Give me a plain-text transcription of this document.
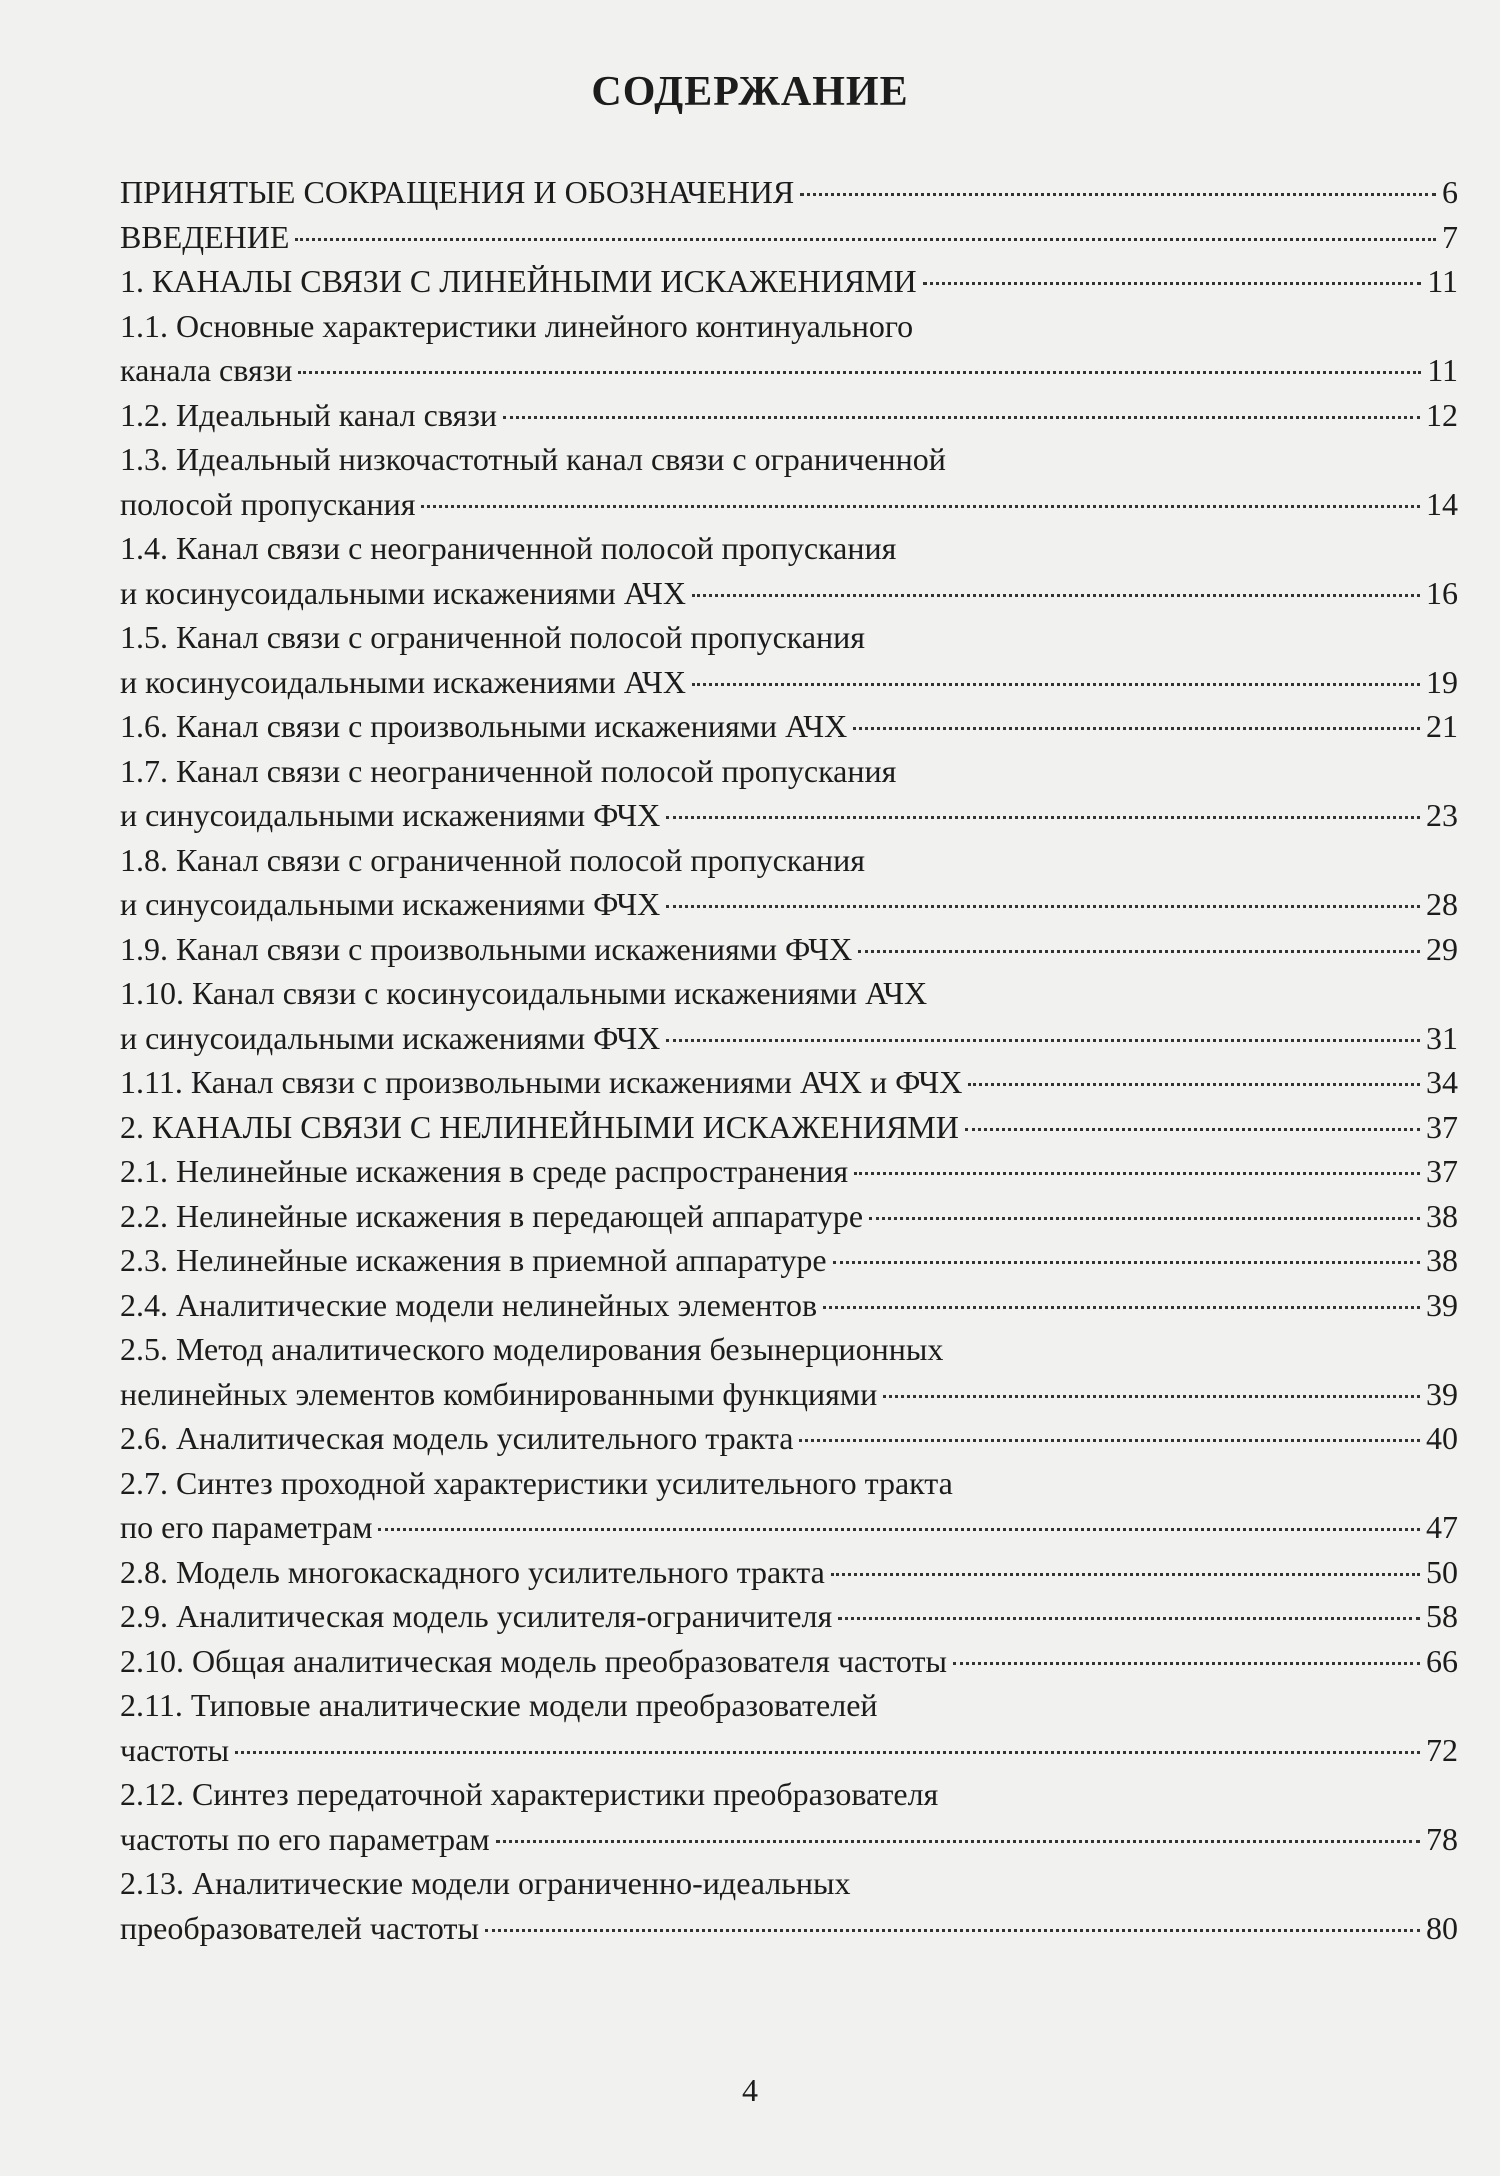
СОДЕРЖАНИЕ
ПРИНЯТЫЕ СОКРАЩЕНИЯ И ОБОЗНАЧЕНИЯ	6
ВВЕДЕНИЕ	7
1. КАНАЛЫ СВЯЗИ С ЛИНЕЙНЫМИ ИСКАЖЕНИЯМИ	11
1.1. Основные характеристики линейного континуального
канала связи	11
1.2. Идеальный канал связи	12
1.3. Идеальный низкочастотный канал связи с ограниченной
полосой пропускания	14
1.4. Канал связи с неограниченной полосой пропускания
и косинусоидальными искажениями АЧХ	16
1.5. Канал связи с ограниченной полосой пропускания
и косинусоидальными искажениями АЧХ	19
1.6. Канал связи с произвольными искажениями АЧХ	21
1.7. Канал связи с неограниченной полосой пропускания
и синусоидальными искажениями ФЧХ	23
1.8. Канал связи с ограниченной полосой пропускания
и синусоидальными искажениями ФЧХ	28
1.9. Канал связи с произвольными искажениями ФЧХ	29
1.10. Канал связи с косинусоидальными искажениями АЧХ
и синусоидальными искажениями ФЧХ	31
1.11. Канал связи с произвольными искажениями АЧХ и ФЧХ	34
2. КАНАЛЫ СВЯЗИ С НЕЛИНЕЙНЫМИ ИСКАЖЕНИЯМИ	37
2.1. Нелинейные искажения в среде распространения	37
2.2. Нелинейные искажения в передающей аппаратуре	38
2.3. Нелинейные искажения в приемной аппаратуре	38
2.4. Аналитические модели нелинейных элементов	39
2.5. Метод аналитического моделирования безынерционных
нелинейных элементов комбинированными функциями	39
2.6. Аналитическая модель усилительного тракта	40
2.7. Синтез проходной характеристики усилительного тракта
по его параметрам	47
2.8. Модель многокаскадного усилительного тракта	50
2.9. Аналитическая модель усилителя-ограничителя	58
2.10. Общая аналитическая модель преобразователя частоты	66
2.11. Типовые аналитические модели преобразователей
частоты	72
2.12. Синтез передаточной характеристики преобразователя
частоты по его параметрам	78
2.13. Аналитические модели ограниченно-идеальных
преобразователей частоты	80
4
